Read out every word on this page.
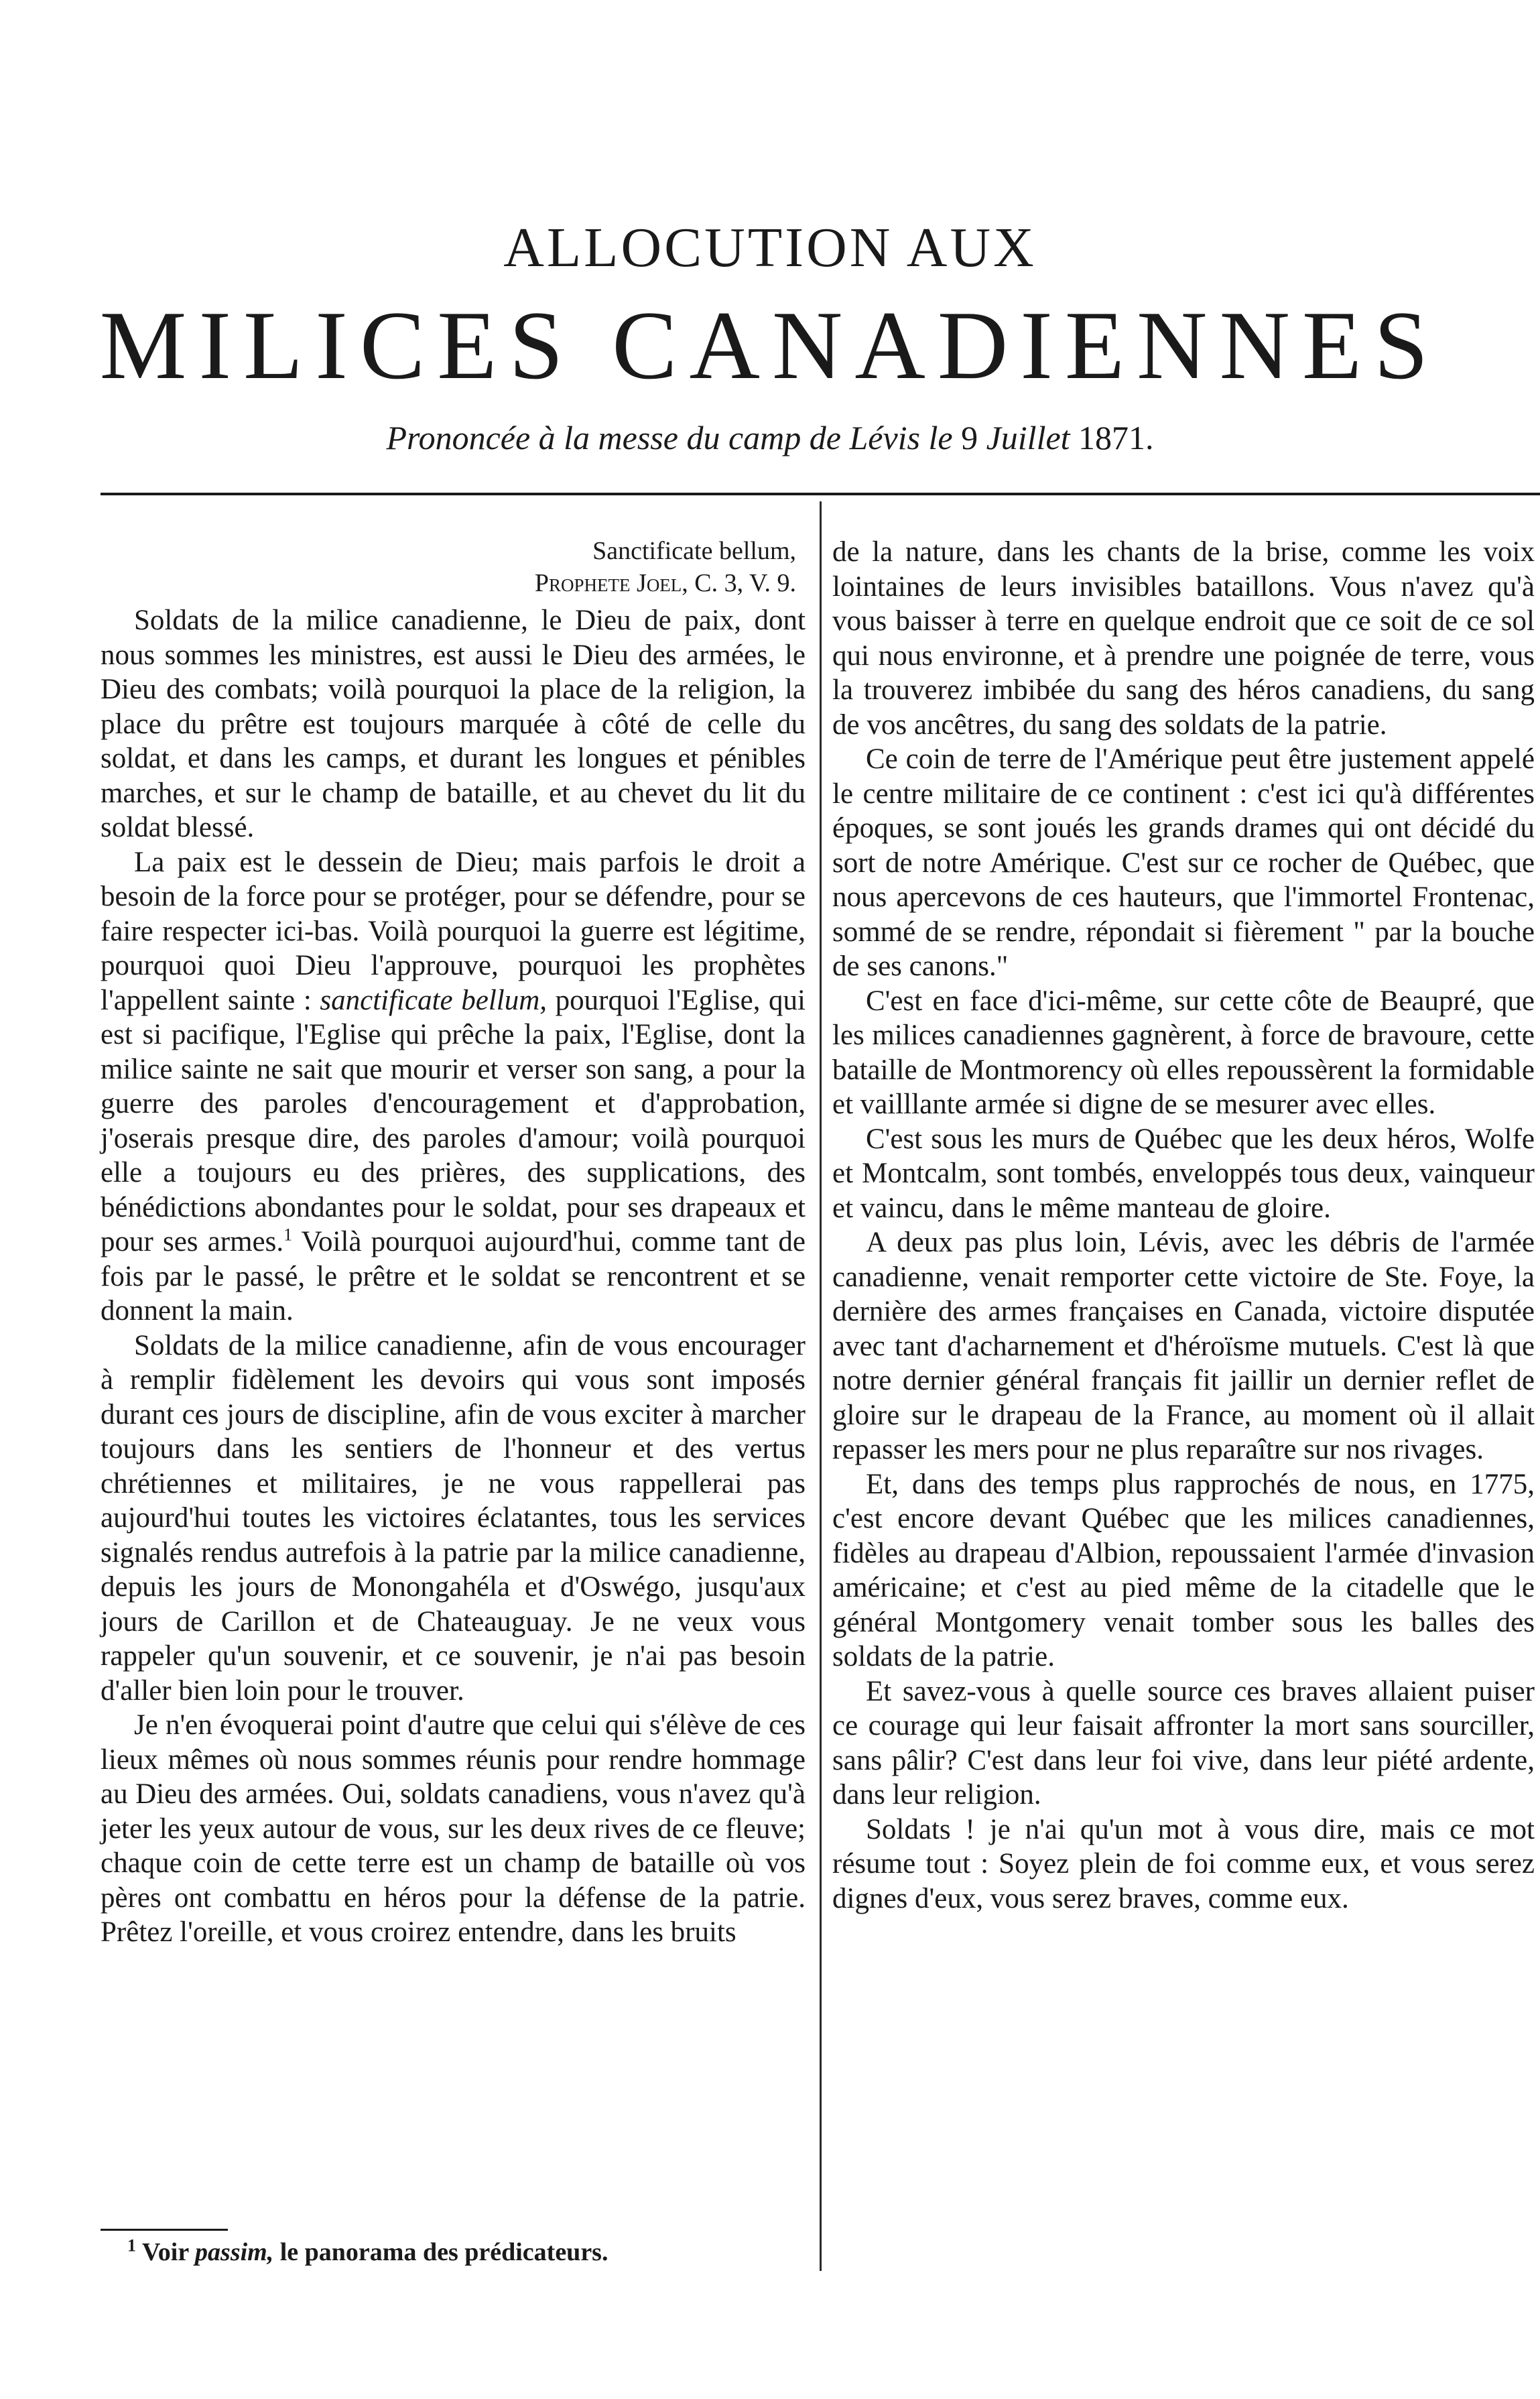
ALLOCUTION AUX
MILICES CANADIENNES
Prononcée à la messe du camp de Lévis le 9 Juillet 1871.
Sanctificate bellum,
Prophete Joel, C. 3, V. 9.

Soldats de la milice canadienne, le Dieu de paix, dont nous sommes les ministres, est aussi le Dieu des armées, le Dieu des combats; voilà pourquoi la place de la religion, la place du prêtre est toujours marquée à côté de celle du soldat, et dans les camps, et durant les longues et pénibles marches, et sur le champ de bataille, et au chevet du lit du soldat blessé.

La paix est le dessein de Dieu; mais parfois le droit a besoin de la force pour se protéger, pour se défendre, pour se faire respecter ici-bas. Voilà pourquoi la guerre est légitime, pourquoi quoi Dieu l'approuve, pourquoi les prophètes l'appellent sainte : sanctificate bellum, pourquoi l'Eglise, qui est si pacifique, l'Eglise qui prêche la paix, l'Eglise, dont la milice sainte ne sait que mourir et verser son sang, a pour la guerre des paroles d'encouragement et d'approbation, j'oserais presque dire, des paroles d'amour; voilà pourquoi elle a toujours eu des prières, des supplications, des bénédictions abondantes pour le soldat, pour ses drapeaux et pour ses armes.$^1$ Voilà pourquoi aujourd'hui, comme tant de fois par le passé, le prêtre et le soldat se rencontrent et se donnent la main.

Soldats de la milice canadienne, afin de vous encourager à remplir fidèlement les devoirs qui vous sont imposés durant ces jours de discipline, afin de vous exciter à marcher toujours dans les sentiers de l'honneur et des vertus chrétiennes et militaires, je ne vous rappellerai pas aujourd'hui toutes les victoires éclatantes, tous les services signalés rendus autrefois à la patrie par la milice canadienne, depuis les jours de Monongahéla et d'Oswégo, jusqu'aux jours de Carillon et de Chateauguay. Je ne veux vous rappeler qu'un souvenir, et ce souvenir, je n'ai pas besoin d'aller bien loin pour le trouver.

Je n'en évoquerai point d'autre que celui qui s'élève de ces lieux mêmes où nous sommes réunis pour rendre hommage au Dieu des armées. Oui, soldats canadiens, vous n'avez qu'à jeter les yeux autour de vous, sur les deux rives de ce fleuve; chaque coin de cette terre est un champ de bataille où vos pères ont combattu en héros pour la défense de la patrie. Prêtez l'oreille, et vous croirez entendre, dans les bruits

de la nature, dans les chants de la brise, comme les voix lointaines de leurs invisibles bataillons. Vous n'avez qu'à vous baisser à terre en quelque endroit que ce soit de ce sol qui nous environne, et à prendre une poignée de terre, vous la trouverez imbibée du sang des héros canadiens, du sang de vos ancêtres, du sang des soldats de la patrie.

Ce coin de terre de l'Amérique peut être justement appelé le centre militaire de ce continent : c'est ici qu'à différentes époques, se sont joués les grands drames qui ont décidé du sort de notre Amérique. C'est sur ce rocher de Québec, que nous apercevons de ces hauteurs, que l'immortel Frontenac, sommé de se rendre, répondait si fièrement " par la bouche de ses canons."

C'est en face d'ici-même, sur cette côte de Beaupré, que les milices canadiennes gagnèrent, à force de bravoure, cette bataille de Montmorency où elles repoussèrent la formidable et vailllante armée si digne de se mesurer avec elles.

C'est sous les murs de Québec que les deux héros, Wolfe et Montcalm, sont tombés, enveloppés tous deux, vainqueur et vaincu, dans le même manteau de gloire.

A deux pas plus loin, Lévis, avec les débris de l'armée canadienne, venait remporter cette victoire de Ste. Foye, la dernière des armes françaises en Canada, victoire disputée avec tant d'acharnement et d'héroïsme mutuels. C'est là que notre dernier général français fit jaillir un dernier reflet de gloire sur le drapeau de la France, au moment où il allait repasser les mers pour ne plus reparaître sur nos rivages.

Et, dans des temps plus rapprochés de nous, en 1775, c'est encore devant Québec que les milices canadiennes, fidèles au drapeau d'Albion, repoussaient l'armée d'invasion américaine; et c'est au pied même de la citadelle que le général Montgomery venait tomber sous les balles des soldats de la patrie.

Et savez-vous à quelle source ces braves allaient puiser ce courage qui leur faisait affronter la mort sans sourciller, sans pâlir? C'est dans leur foi vive, dans leur piété ardente, dans leur religion.

Soldats ! je n'ai qu'un mot à vous dire, mais ce mot résume tout : Soyez plein de foi comme eux, et vous serez dignes d'eux, vous serez braves, comme eux.

$^1$ Voir passim, le panorama des prédicateurs.
